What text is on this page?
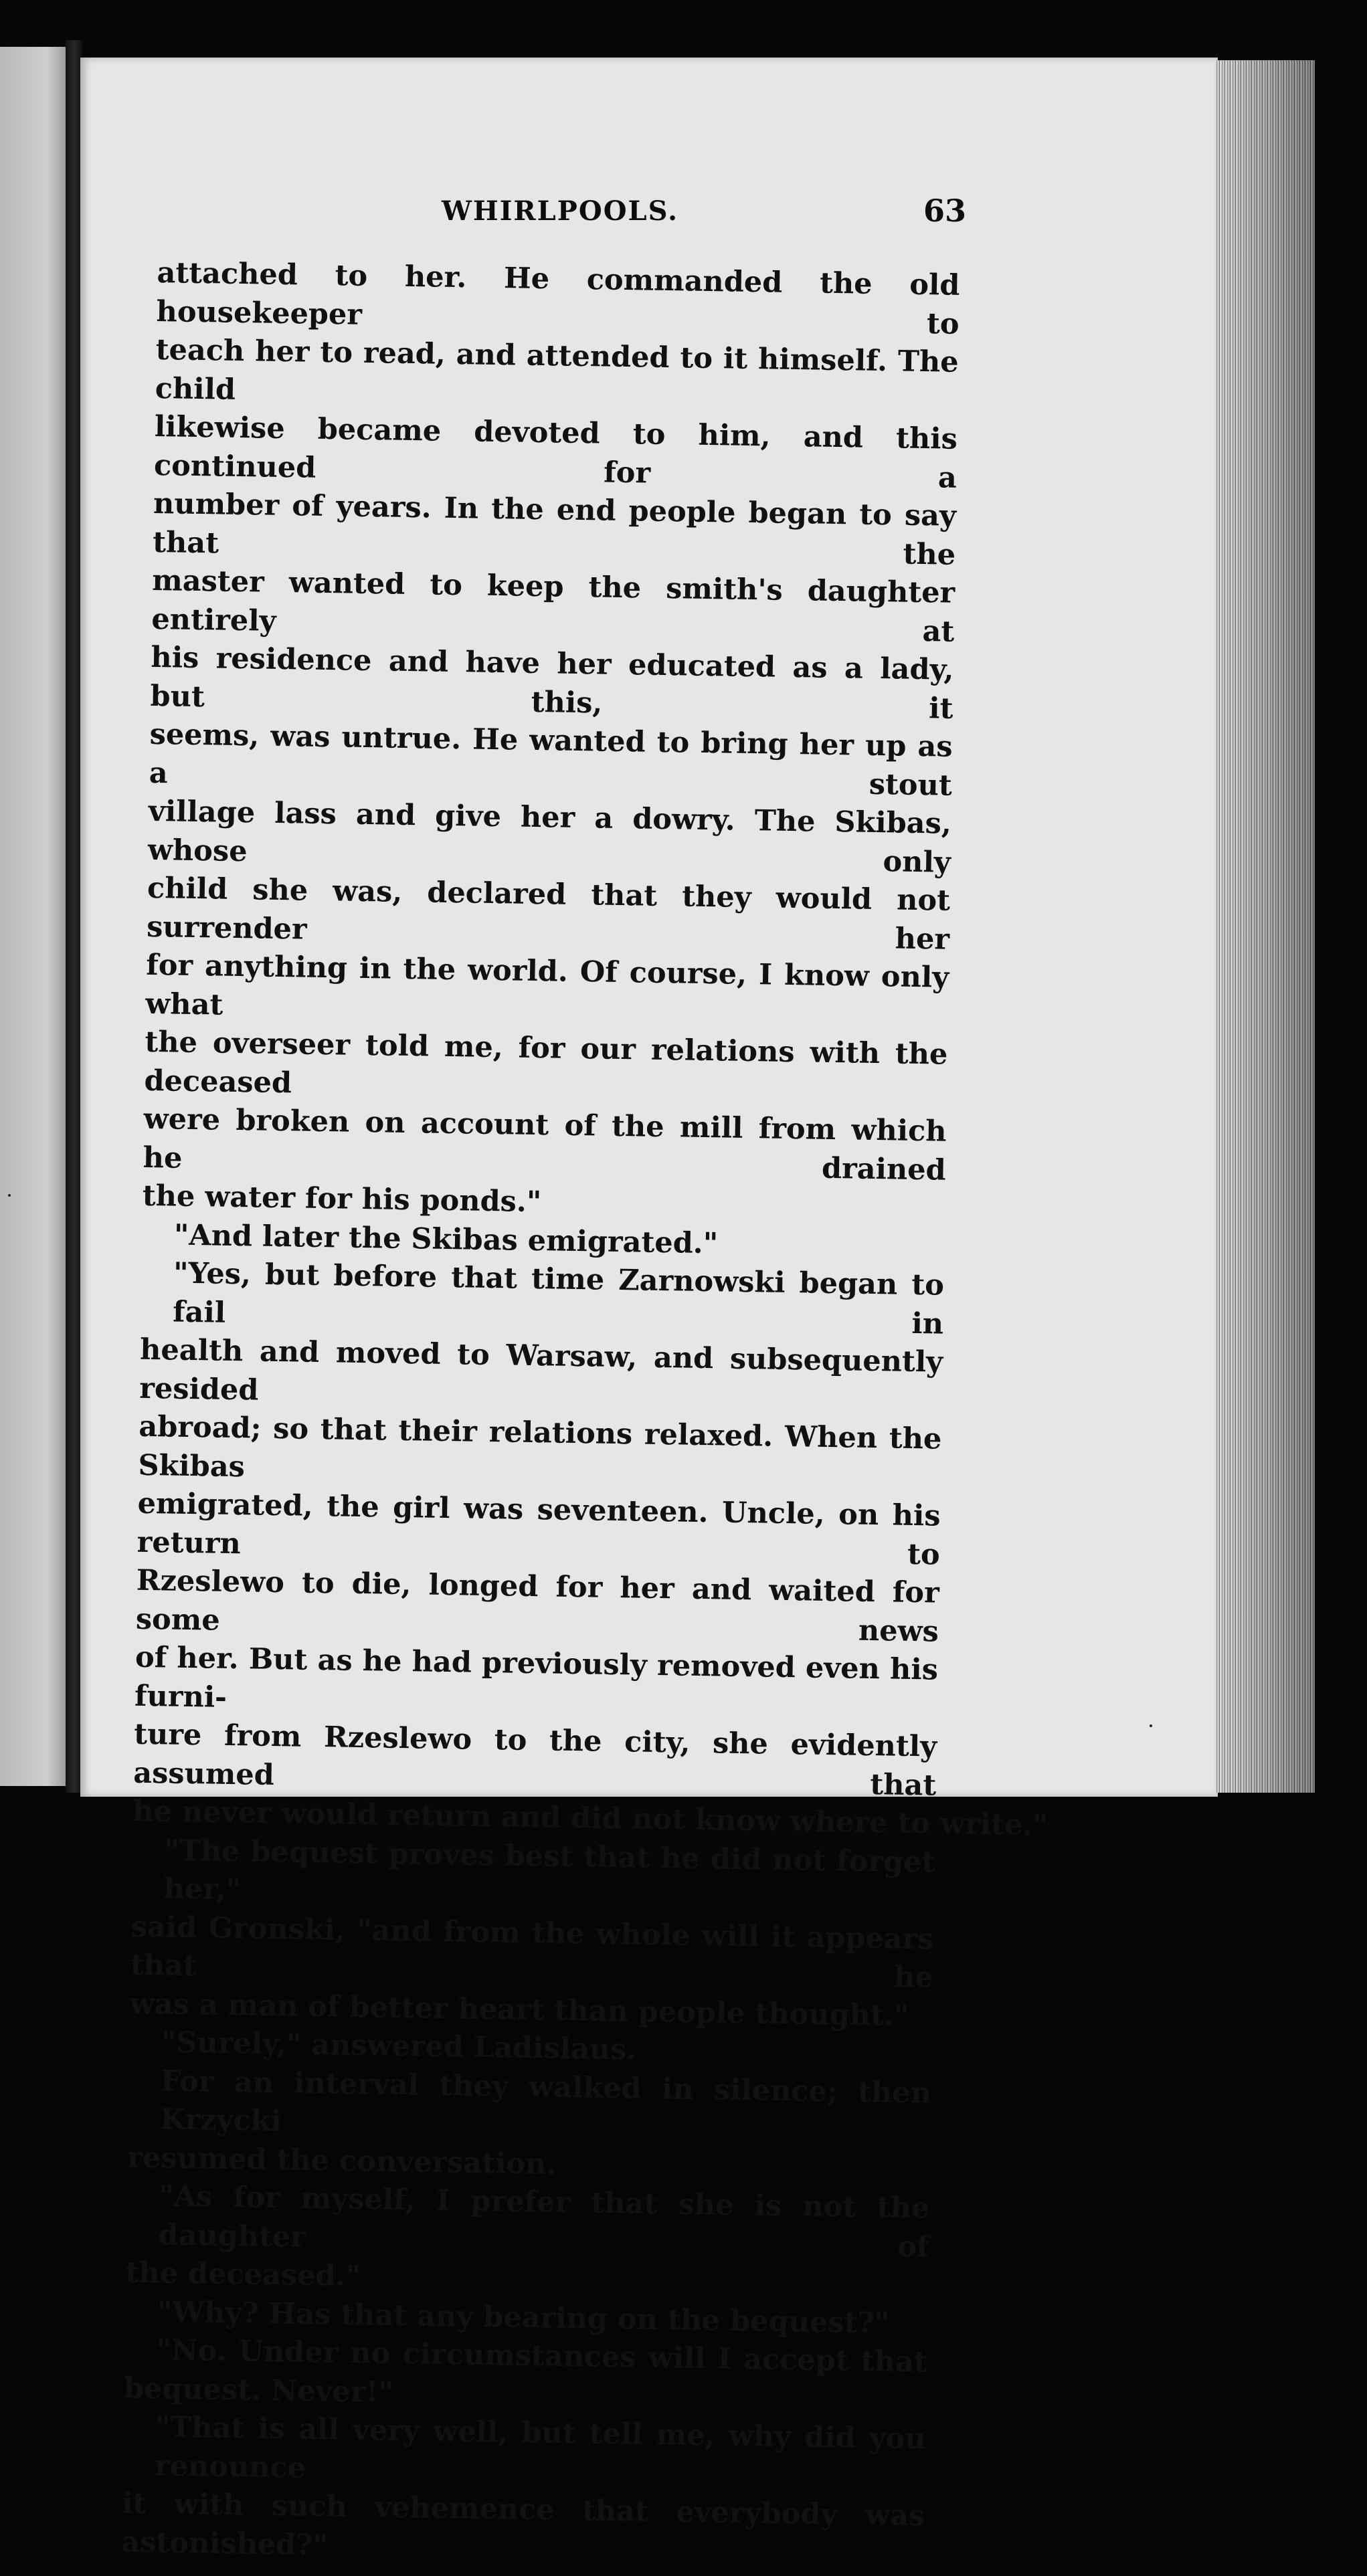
WHIRLPOOLS.	63
attached to her. He commanded the old housekeeper to
teach her to read, and attended to it himself. The child
likewise became devoted to him, and this continued for a
number of years. In the end people began to say that the
master wanted to keep the smith's daughter entirely at
his residence and have her educated as a lady, but this, it
seems, was untrue. He wanted to bring her up as a stout
village lass and give her a dowry. The Skibas, whose only
child she was, declared that they would not surrender her
for anything in the world. Of course, I know only what
the overseer told me, for our relations with the deceased
were broken on account of the mill from which he drained
the water for his ponds."
"And later the Skibas emigrated."
"Yes, but before that time Zarnowski began to fail in
health and moved to Warsaw, and subsequently resided
abroad; so that their relations relaxed. When the Skibas
emigrated, the girl was seventeen. Uncle, on his return to
Rzeslewo to die, longed for her and waited for some news
of her. But as he had previously removed even his furni-
ture from Rzeslewo to the city, she evidently assumed that
he never would return and did not know where to write."
"The bequest proves best that he did not forget her,"
said Gronski, "and from the whole will it appears that he
was a man of better heart than people thought."
"Surely," answered Ladislaus.
For an interval they walked in silence; then Krzycki
resumed the conversation.
"As for myself, I prefer that she is not the daughter of
the deceased."
"Why? Has that any bearing on the bequest?"
"No. Under no circumstances will I accept that
bequest. Never!"
"That is all very well, but tell me, why did you renounce
it with such vehemence that everybody was astonished?"
